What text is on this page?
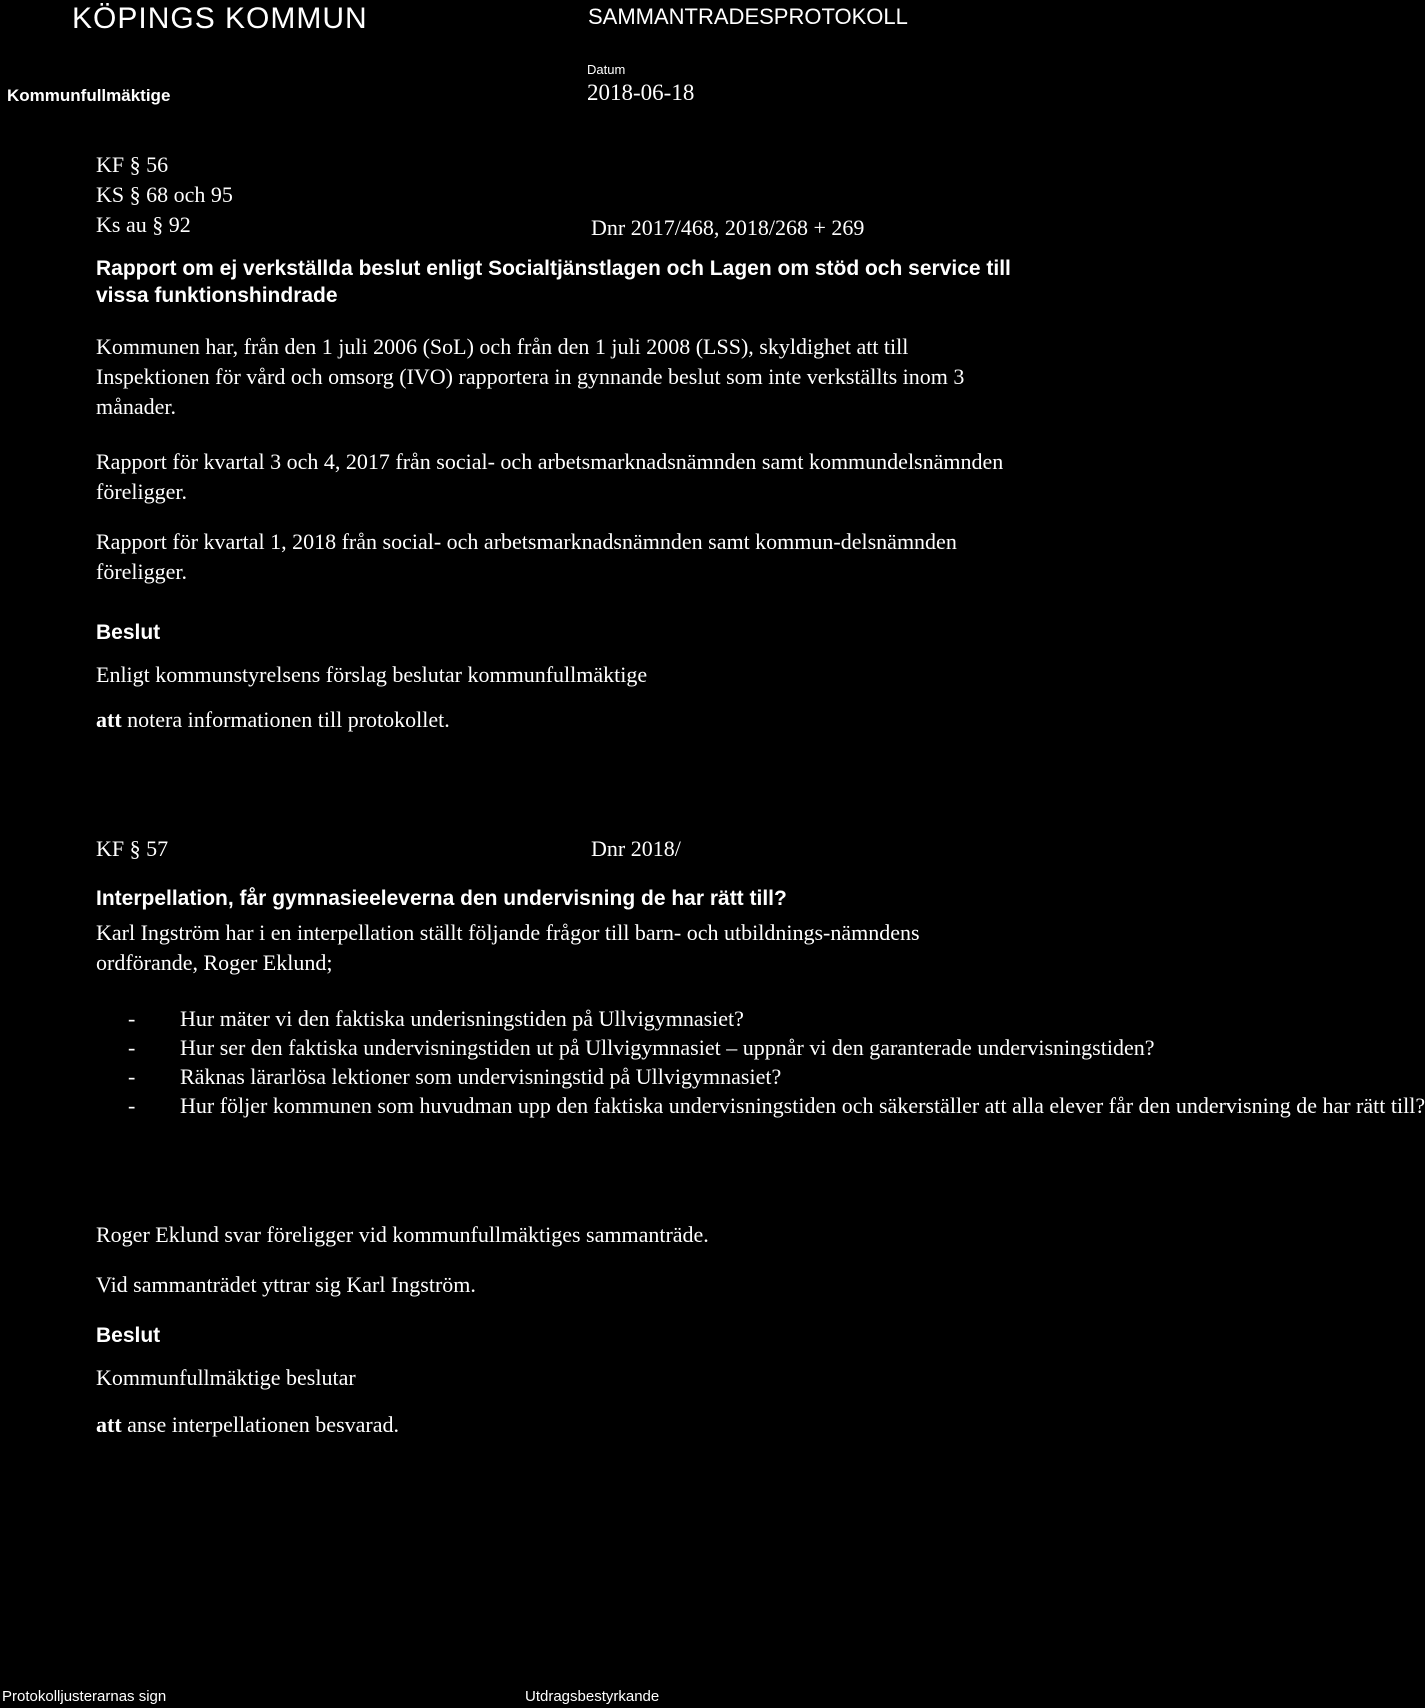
KÖPINGS KOMMUN	SAMMANTRADESPROTOKOLL
Datum
Kommunfullmäktige	2018-06-18
KF § 56
KS § 68 och 95
Ks au § 92	Dnr 2017/468, 2018/268 + 269
Rapport om ej verkställda beslut enligt Socialtjänstlagen och Lagen om stöd och service till vissa funktionshindrade
Kommunen har, från den 1 juli 2006 (SoL) och från den 1 juli 2008 (LSS), skyldighet att till Inspektionen för vård och omsorg (IVO) rapportera in gynnande beslut som inte verkställts inom 3 månader.
Rapport för kvartal 3 och 4, 2017 från social- och arbetsmarknadsnämnden samt kommundelsnämnden föreligger.
Rapport för kvartal 1, 2018 från social- och arbetsmarknadsnämnden samt kommun-delsnämnden föreligger.
Beslut
Enligt kommunstyrelsens förslag beslutar kommunfullmäktige
att notera informationen till protokollet.
KF § 57	Dnr 2018/
Interpellation, får gymnasieeleverna den undervisning de har rätt till?
Karl Ingström har i en interpellation ställt följande frågor till barn- och utbildnings-nämndens ordförande, Roger Eklund;
- Hur mäter vi den faktiska underisningstiden på Ullvigymnasiet?
- Hur ser den faktiska undervisningstiden ut på Ullvigymnasiet – uppnår vi den garanterade undervisningstiden?
- Räknas lärarlösa lektioner som undervisningstid på Ullvigymnasiet?
- Hur följer kommunen som huvudman upp den faktiska undervisningstiden och säkerställer att alla elever får den undervisning de har rätt till?
Roger Eklund svar föreligger vid kommunfullmäktiges sammanträde.
Vid sammanträdet yttrar sig Karl Ingström.
Beslut
Kommunfullmäktige beslutar
att anse interpellationen besvarad.
Protokolljusterarnas sign	Utdragsbestyrkande
